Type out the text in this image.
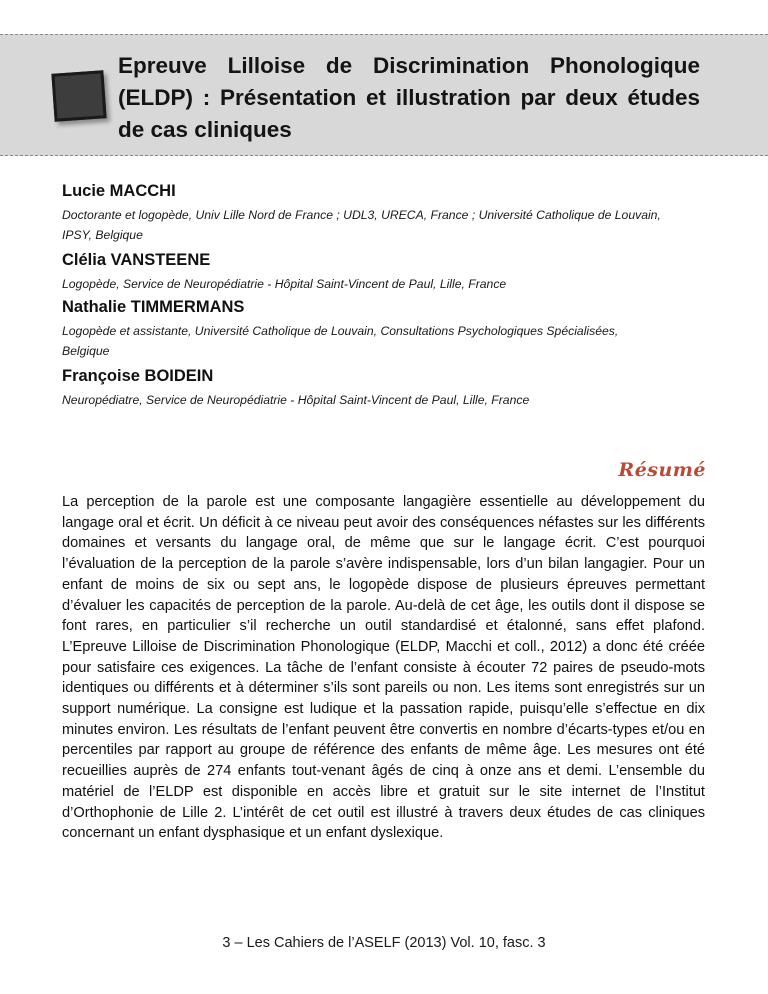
Epreuve Lilloise de Discrimination Phonologique (ELDP) : Présentation et illustration par deux études de cas cliniques

Lucie MACCHI

Doctorante et logopède, Univ Lille Nord de France ; UDL3, URECA, France ; Université Catholique de Louvain, IPSY, Belgique

Clélia VANSTEENE

Logopède, Service de Neuropédiatrie - Hôpital Saint-Vincent de Paul, Lille, France

Nathalie TIMMERMANS

Logopède et assistante, Université Catholique de Louvain, Consultations Psychologiques Spécialisées, Belgique

Françoise BOIDEIN

Neuropédiatre, Service de Neuropédiatrie - Hôpital Saint-Vincent de Paul, Lille, France

Résumé

La perception de la parole est une composante langagière essentielle au développement du langage oral et écrit. Un déficit à ce niveau peut avoir des conséquences néfastes sur les différents domaines et versants du langage oral, de même que sur le langage écrit. C’est pourquoi l’évaluation de la perception de la parole s’avère indispensable, lors d’un bilan langagier. Pour un enfant de moins de six ou sept ans, le logopède dispose de plusieurs épreuves permettant d’évaluer les capacités de perception de la parole. Au-delà de cet âge, les outils dont il dispose se font rares, en particulier s’il recherche un outil standardisé et étalonné, sans effet plafond. L’Epreuve Lilloise de Discrimination Phonologique (ELDP, Macchi et coll., 2012) a donc été créée pour satisfaire ces exigences. La tâche de l’enfant consiste à écouter 72 paires de pseudo-mots identiques ou différents et à déterminer s’ils sont pareils ou non. Les items sont enregistrés sur un support numérique. La consigne est ludique et la passation rapide, puisqu’elle s’effectue en dix minutes environ. Les résultats de l’enfant peuvent être convertis en nombre d’écarts-types et/ou en percentiles par rapport au groupe de référence des enfants de même âge. Les mesures ont été recueillies auprès de 274 enfants tout-venant âgés de cinq à onze ans et demi. L’ensemble du matériel de l’ELDP est disponible en accès libre et gratuit sur le site internet de l’Institut d’Orthophonie de Lille 2. L’intérêt de cet outil est illustré à travers deux études de cas cliniques concernant un enfant dysphasique et un enfant dyslexique.

3 – Les Cahiers de l’ASELF (2013) Vol. 10, fasc. 3
